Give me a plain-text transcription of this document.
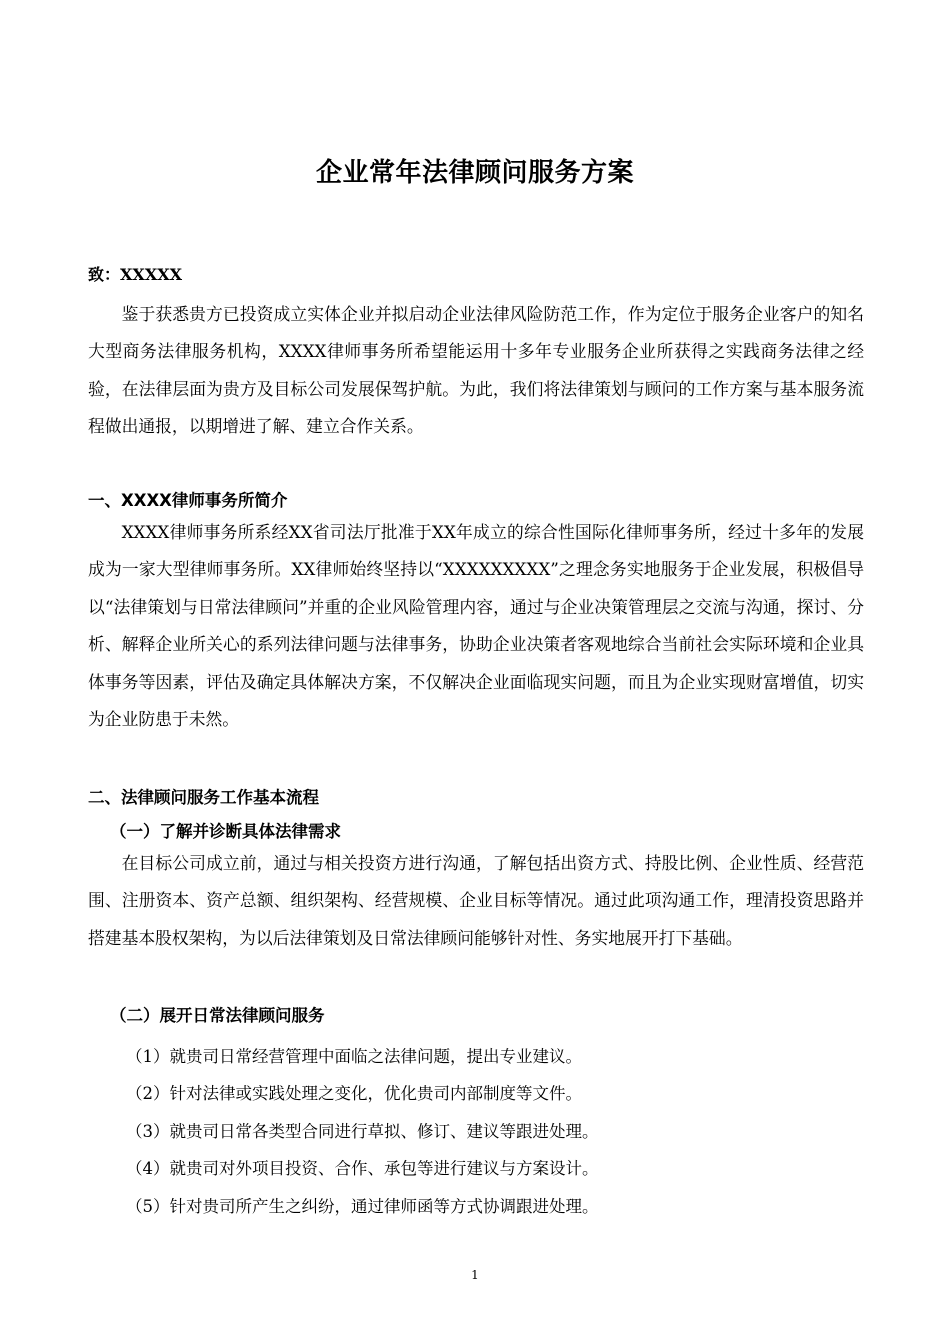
企业常年法律顾问服务方案
致：XXXXX

鉴于获悉贵方已投资成立实体企业并拟启动企业法律风险防范工作，作为定位于服务企业客户的知名大型商务法律服务机构，XXXX律师事务所希望能运用十多年专业服务企业所获得之实践商务法律之经验，在法律层面为贵方及目标公司发展保驾护航。为此，我们将法律策划与顾问的工作方案与基本服务流程做出通报，以期增进了解、建立合作关系。

一、XXXX律师事务所简介

XXXX律师事务所系经XX省司法厅批准于XX年成立的综合性国际化律师事务所，经过十多年的发展成为一家大型律师事务所。XX律师始终坚持以“XXXXXXXXX”之理念务实地服务于企业发展，积极倡导以“法律策划与日常法律顾问”并重的企业风险管理内容，通过与企业决策管理层之交流与沟通，探讨、分析、解释企业所关心的系列法律问题与法律事务，协助企业决策者客观地综合当前社会实际环境和企业具体事务等因素，评估及确定具体解决方案，不仅解决企业面临现实问题，而且为企业实现财富增值，切实为企业防患于未然。

二、法律顾问服务工作基本流程
（一）了解并诊断具体法律需求

在目标公司成立前，通过与相关投资方进行沟通，了解包括出资方式、持股比例、企业性质、经营范围、注册资本、资产总额、组织架构、经营规模、企业目标等情况。通过此项沟通工作，理清投资思路并搭建基本股权架构，为以后法律策划及日常法律顾问能够针对性、务实地展开打下基础。

（二）展开日常法律顾问服务
（1）就贵司日常经营管理中面临之法律问题，提出专业建议。
（2）针对法律或实践处理之变化，优化贵司内部制度等文件。
（3）就贵司日常各类型合同进行草拟、修订、建议等跟进处理。
（4）就贵司对外项目投资、合作、承包等进行建议与方案设计。
（5）针对贵司所产生之纠纷，通过律师函等方式协调跟进处理。
1
